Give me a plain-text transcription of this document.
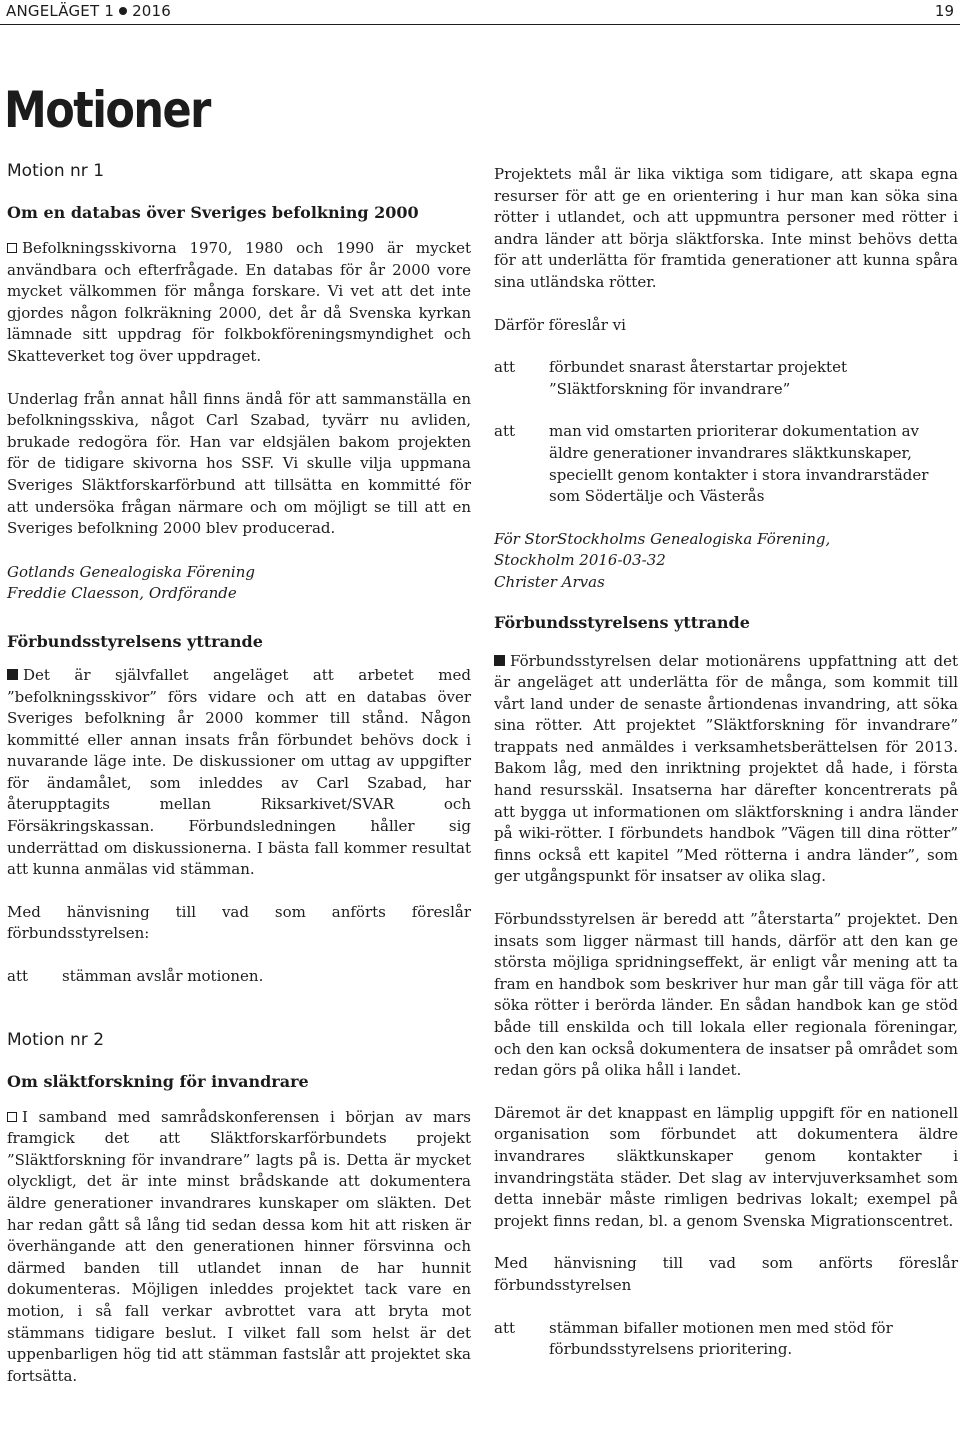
ANGELÄGET 1 2016	19
Motioner

Motion nr 1

Om en databas över Sveriges befolkning 2000

Befolkningsskivorna 1970, 1980 och 1990 är mycket användbara och efterfrågade. En databas för år 2000 vore mycket välkommen för många forskare. Vi vet att det inte gjordes någon folkräkning 2000, det år då Svenska kyrkan lämnade sitt uppdrag för folkbokföreningsmyndighet och Skatteverket tog över uppdraget.

Underlag från annat håll finns ändå för att sammanställa en befolkningsskiva, något Carl Szabad, tyvärr nu avliden, brukade redogöra för. Han var eldsjälen bakom projekten för de tidigare skivorna hos SSF. Vi skulle vilja uppmana Sveriges Släktforskarförbund att tillsätta en kommitté för att undersöka frågan närmare och om möjligt se till att en Sveriges befolkning 2000 blev producerad.

Gotlands Genealogiska Förening
Freddie Claesson, Ordförande

Förbundsstyrelsens yttrande

Det är självfallet angeläget att arbetet med ”befolkningsskivor” förs vidare och att en databas över Sveriges befolkning år 2000 kommer till stånd. Någon kommitté eller annan insats från förbundet behövs dock i nuvarande läge inte. De diskussioner om uttag av uppgifter för ändamålet, som inleddes av Carl Szabad, har återupptagits mellan Riksarkivet/SVAR och Försäkringskassan. Förbundsledningen håller sig underrättad om diskussionerna. I bästa fall kommer resultat att kunna anmälas vid stämman.

Med hänvisning till vad som anförts föreslår förbundsstyrelsen:

att	stämman avslår motionen.

Motion nr 2

Om släktforskning för invandrare

I samband med samrådskonferensen i början av mars framgick det att Släktforskarförbundets projekt ”Släktforskning för invandrare” lagts på is. Detta är mycket olyckligt, det är inte minst brådskande att dokumentera äldre generationer invandrares kunskaper om släkten. Det har redan gått så lång tid sedan dessa kom hit att risken är överhängande att den generationen hinner försvinna och därmed banden till utlandet innan de har hunnit dokumenteras. Möjligen inleddes projektet tack vare en motion, i så fall verkar avbrottet vara att bryta mot stämmans tidigare beslut. I vilket fall som helst är det uppenbarligen hög tid att stämman fastslår att projektet ska fortsätta.

Projektets mål är lika viktiga som tidigare, att skapa egna resurser för att ge en orientering i hur man kan söka sina rötter i utlandet, och att uppmuntra personer med rötter i andra länder att börja släktforska. Inte minst behövs detta för att underlätta för framtida generationer att kunna spåra sina utländska rötter.

Därför föreslår vi

att	förbundet snarast återstartar projektet ”Släktforskning för invandrare”

att	man vid omstarten prioriterar dokumentation av äldre generationer invandrares släktkunskaper, speciellt genom kontakter i stora invandrarstäder som Södertälje och Västerås

För StorStockholms Genealogiska Förening,
Stockholm 2016-03-32
Christer Arvas

Förbundsstyrelsens yttrande

Förbundsstyrelsen delar motionärens uppfattning att det är angeläget att underlätta för de många, som kommit till vårt land under de senaste årtiondenas invandring, att söka sina rötter. Att projektet ”Släktforskning för invandrare” trappats ned anmäldes i verksamhetsberättelsen för 2013. Bakom låg, med den inriktning projektet då hade, i första hand resursskäl. Insatserna har därefter koncentrerats på att bygga ut informationen om släktforskning i andra länder på wiki-rötter. I förbundets handbok ”Vägen till dina rötter” finns också ett kapitel ”Med rötterna i andra länder”, som ger utgångspunkt för insatser av olika slag.

Förbundsstyrelsen är beredd att ”återstarta” projektet. Den insats som ligger närmast till hands, därför att den kan ge största möjliga spridningseffekt, är enligt vår mening att ta fram en handbok som beskriver hur man går till väga för att söka rötter i berörda länder. En sådan handbok kan ge stöd både till enskilda och till lokala eller regionala föreningar, och den kan också dokumentera de insatser på området som redan görs på olika håll i landet.

Däremot är det knappast en lämplig uppgift för en nationell organisation som förbundet att dokumentera äldre invandrares släktkunskaper genom kontakter i invandringstäta städer. Det slag av intervjuverksamhet som detta innebär måste rimligen bedrivas lokalt; exempel på projekt finns redan, bl. a genom Svenska Migrationscentret.

Med hänvisning till vad som anförts föreslår förbundsstyrelsen

att	stämman bifaller motionen men med stöd för förbundsstyrelsens prioritering.
